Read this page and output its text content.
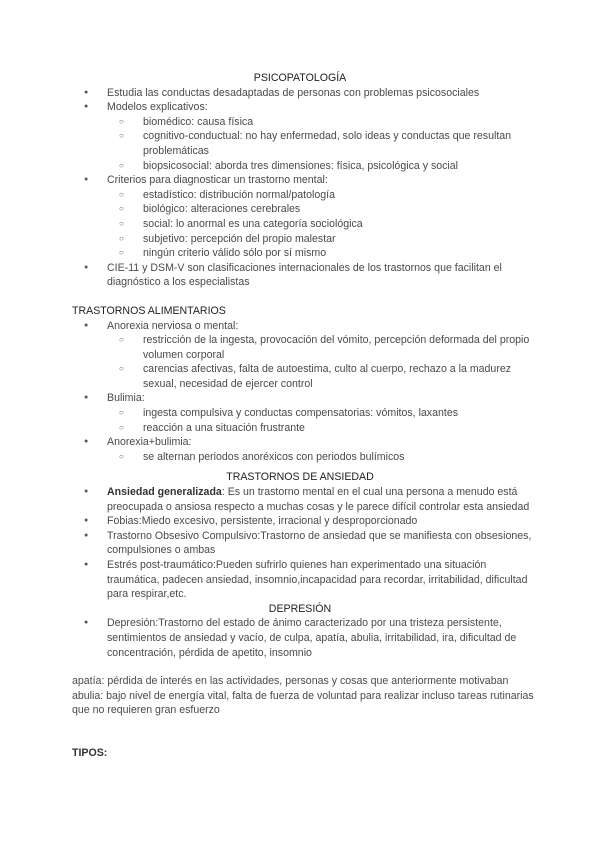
PSICOPATOLOGÍA
● Estudia las conductas desadaptadas de personas con problemas psicosociales
● Modelos explicativos:
○ biomédico: causa física
○ cognitivo-conductual: no hay enfermedad, solo ideas y conductas que resultan problemáticas
○ biopsicosocial: aborda tres dimensiones: física, psicológica y social
● Criterios para diagnosticar un trastorno mental:
○ estadístico: distribución normal/patología
○ biológico: alteraciones cerebrales
○ social: lo anormal es una categoría sociológica
○ subjetivo: percepción del propio malestar
○ ningún criterio válido sólo por sí mismo
● CIE-11 y DSM-V son clasificaciones internacionales de los trastornos que facilitan el diagnóstico a los especialistas
TRASTORNOS ALIMENTARIOS
● Anorexia nerviosa o mental:
○ restricción de la ingesta, provocación del vómito, percepción deformada del propio volumen corporal
○ carencias afectivas, falta de autoestima, culto al cuerpo, rechazo a la madurez sexual, necesidad de ejercer control
● Bulimia:
○ ingesta compulsiva y conductas compensatorias: vómitos, laxantes
○ reacción a una situación frustrante
● Anorexia+bulimia:
○ se alternan periodos anoréxicos con periodos bulímicos
TRASTORNOS DE ANSIEDAD
● Ansiedad generalizada: Es un trastorno mental en el cual una persona a menudo está preocupada o ansiosa respecto a muchas cosas y le parece difícil controlar esta ansiedad
● Fobias:Miedo excesivo, persistente, irracional y desproporcionado
● Trastorno Obsesivo Compulsivo:Trastorno de ansiedad que se manifiesta con obsesiones, compulsiones o ambas
● Estrés post-traumático:Pueden sufrirlo quienes han experimentado una situación traumática, padecen ansiedad, insomnio,incapacidad para recordar, irritabilidad, dificultad para respirar,etc.
DEPRESIÓN
● Depresión:Trastorno del estado de ánimo caracterizado por una tristeza persistente, sentimientos de ansiedad y vacío, de culpa, apatía, abulia, irritabilidad, ira, dificultad de concentración, pérdida de apetito, insomnio
apatía: pérdida de interés en las actividades, personas y cosas que anteriormente motivaban
abulia: bajo nivel de energía vital, falta de fuerza de voluntad para realizar incluso tareas rutinarias que no requieren gran esfuerzo
TIPOS:
